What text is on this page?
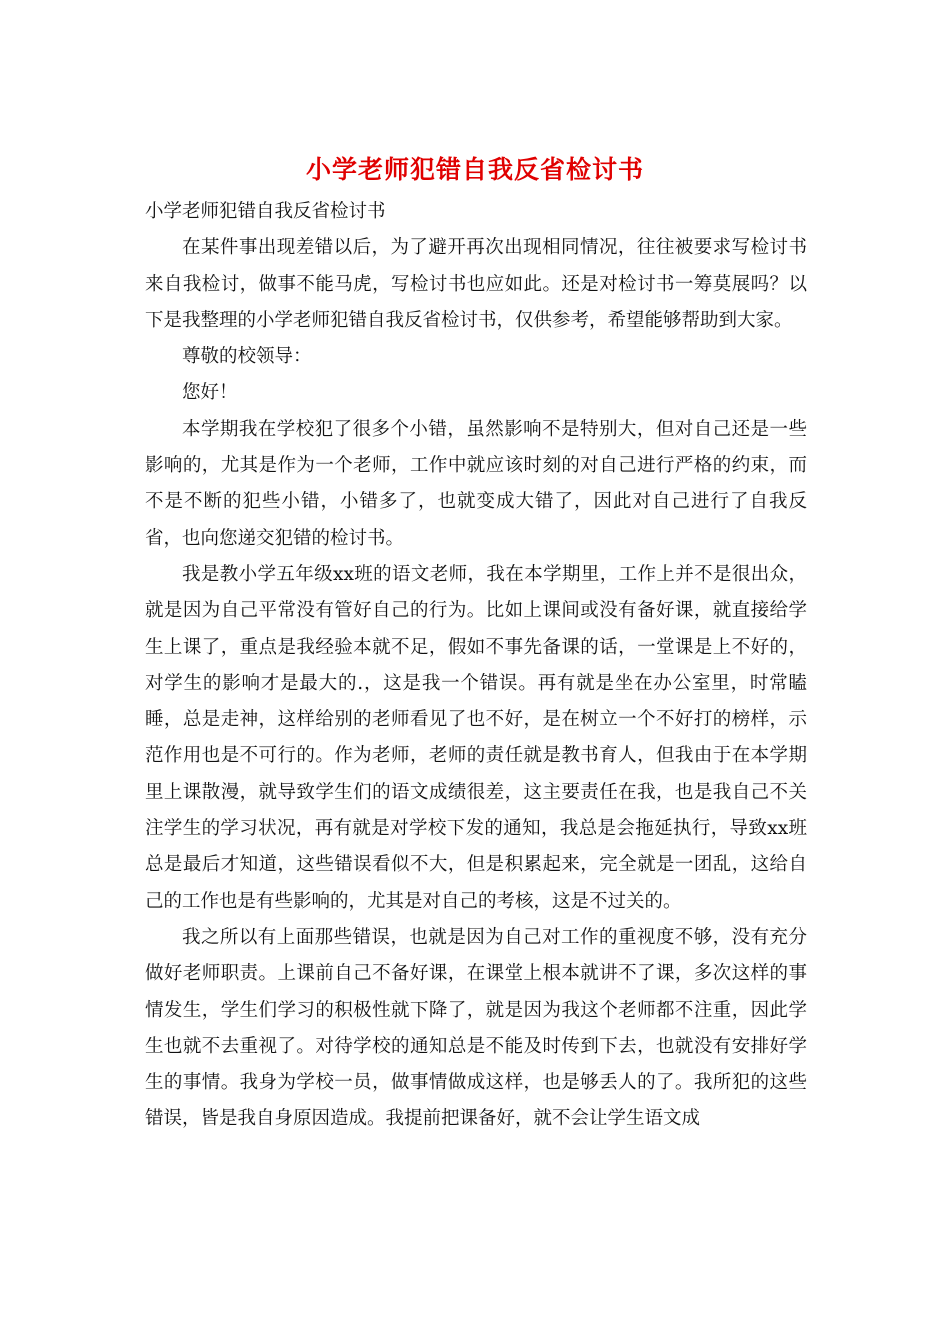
小学老师犯错自我反省检讨书

小学老师犯错自我反省检讨书

在某件事出现差错以后，为了避开再次出现相同情况，往往被要求写检讨书来自我检讨，做事不能马虎，写检讨书也应如此。还是对检讨书一筹莫展吗？以下是我整理的小学老师犯错自我反省检讨书，仅供参考，希望能够帮助到大家。

尊敬的校领导：

您好！

本学期我在学校犯了很多个小错，虽然影响不是特别大，但对自己还是一些影响的，尤其是作为一个老师，工作中就应该时刻的对自己进行严格的约束，而不是不断的犯些小错，小错多了，也就变成大错了，因此对自己进行了自我反省，也向您递交犯错的检讨书。

我是教小学五年级xx班的语文老师，我在本学期里，工作上并不是很出众，就是因为自己平常没有管好自己的行为。比如上课间或没有备好课，就直接给学生上课了，重点是我经验本就不足，假如不事先备课的话，一堂课是上不好的，对学生的影响才是最大的.，这是我一个错误。再有就是坐在办公室里，时常瞌睡，总是走神，这样给别的老师看见了也不好，是在树立一个不好打的榜样，示范作用也是不可行的。作为老师，老师的责任就是教书育人，但我由于在本学期里上课散漫，就导致学生们的语文成绩很差，这主要责任在我，也是我自己不关注学生的学习状况，再有就是对学校下发的通知，我总是会拖延执行，导致xx班总是最后才知道，这些错误看似不大，但是积累起来，完全就是一团乱，这给自己的工作也是有些影响的，尤其是对自己的考核，这是不过关的。

我之所以有上面那些错误，也就是因为自己对工作的重视度不够，没有充分做好老师职责。上课前自己不备好课，在课堂上根本就讲不了课，多次这样的事情发生，学生们学习的积极性就下降了，就是因为我这个老师都不注重，因此学生也就不去重视了。对待学校的通知总是不能及时传到下去，也就没有安排好学生的事情。我身为学校一员，做事情做成这样，也是够丢人的了。我所犯的这些错误，皆是我自身原因造成。我提前把课备好，就不会让学生语文成
